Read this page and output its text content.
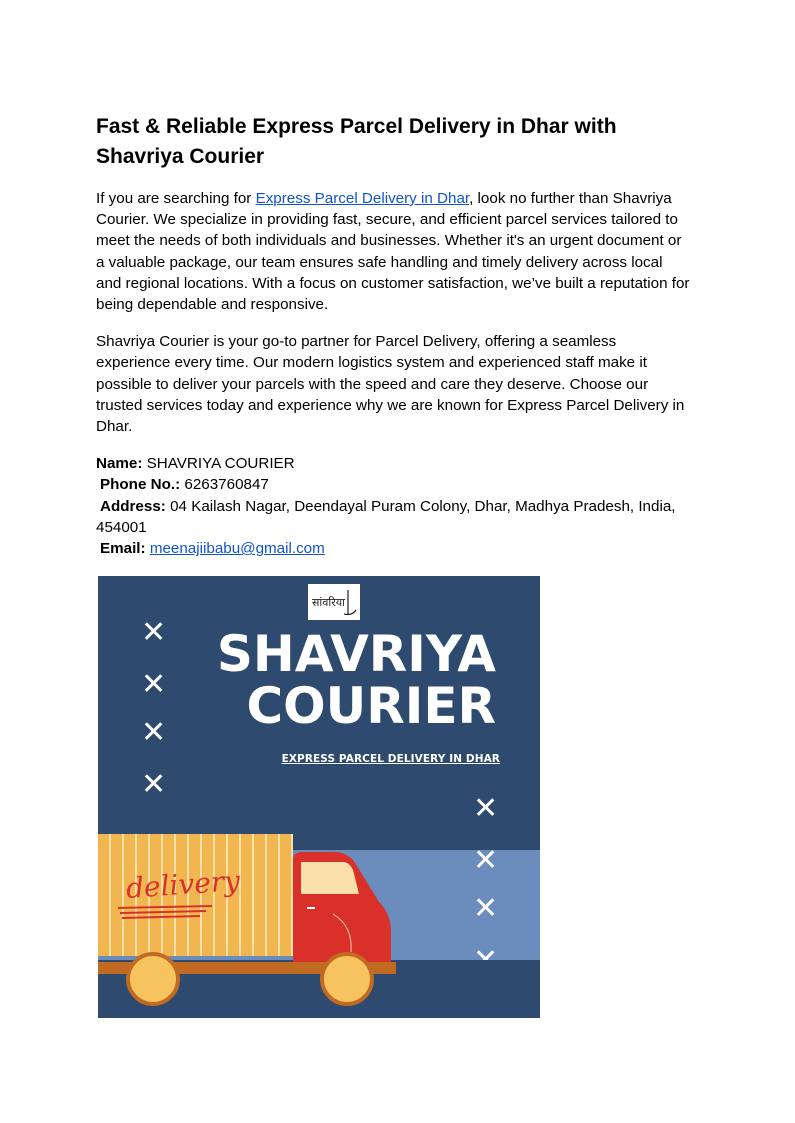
Fast & Reliable Express Parcel Delivery in Dhar with Shavriya Courier

If you are searching for Express Parcel Delivery in Dhar, look no further than Shavriya Courier. We specialize in providing fast, secure, and efficient parcel services tailored to meet the needs of both individuals and businesses. Whether it's an urgent document or a valuable package, our team ensures safe handling and timely delivery across local and regional locations. With a focus on customer satisfaction, we’ve built a reputation for being dependable and responsive.

Shavriya Courier is your go-to partner for Parcel Delivery, offering a seamless experience every time. Our modern logistics system and experienced staff make it possible to deliver your parcels with the speed and care they deserve. Choose our trusted services today and experience why we are known for Express Parcel Delivery in Dhar.

Name: SHAVRIYA COURIER
Phone No.: 6263760847
Address: 04 Kailash Nagar, Deendayal Puram Colony, Dhar, Madhya Pradesh, India, 454001
Email: meenajiibabu@gmail.com
सांवरिया
SHAVRIYA
COURIER
EXPRESS PARCEL DELIVERY IN DHAR
✕
✕
✕
✕
✕
✕
✕
delivery
